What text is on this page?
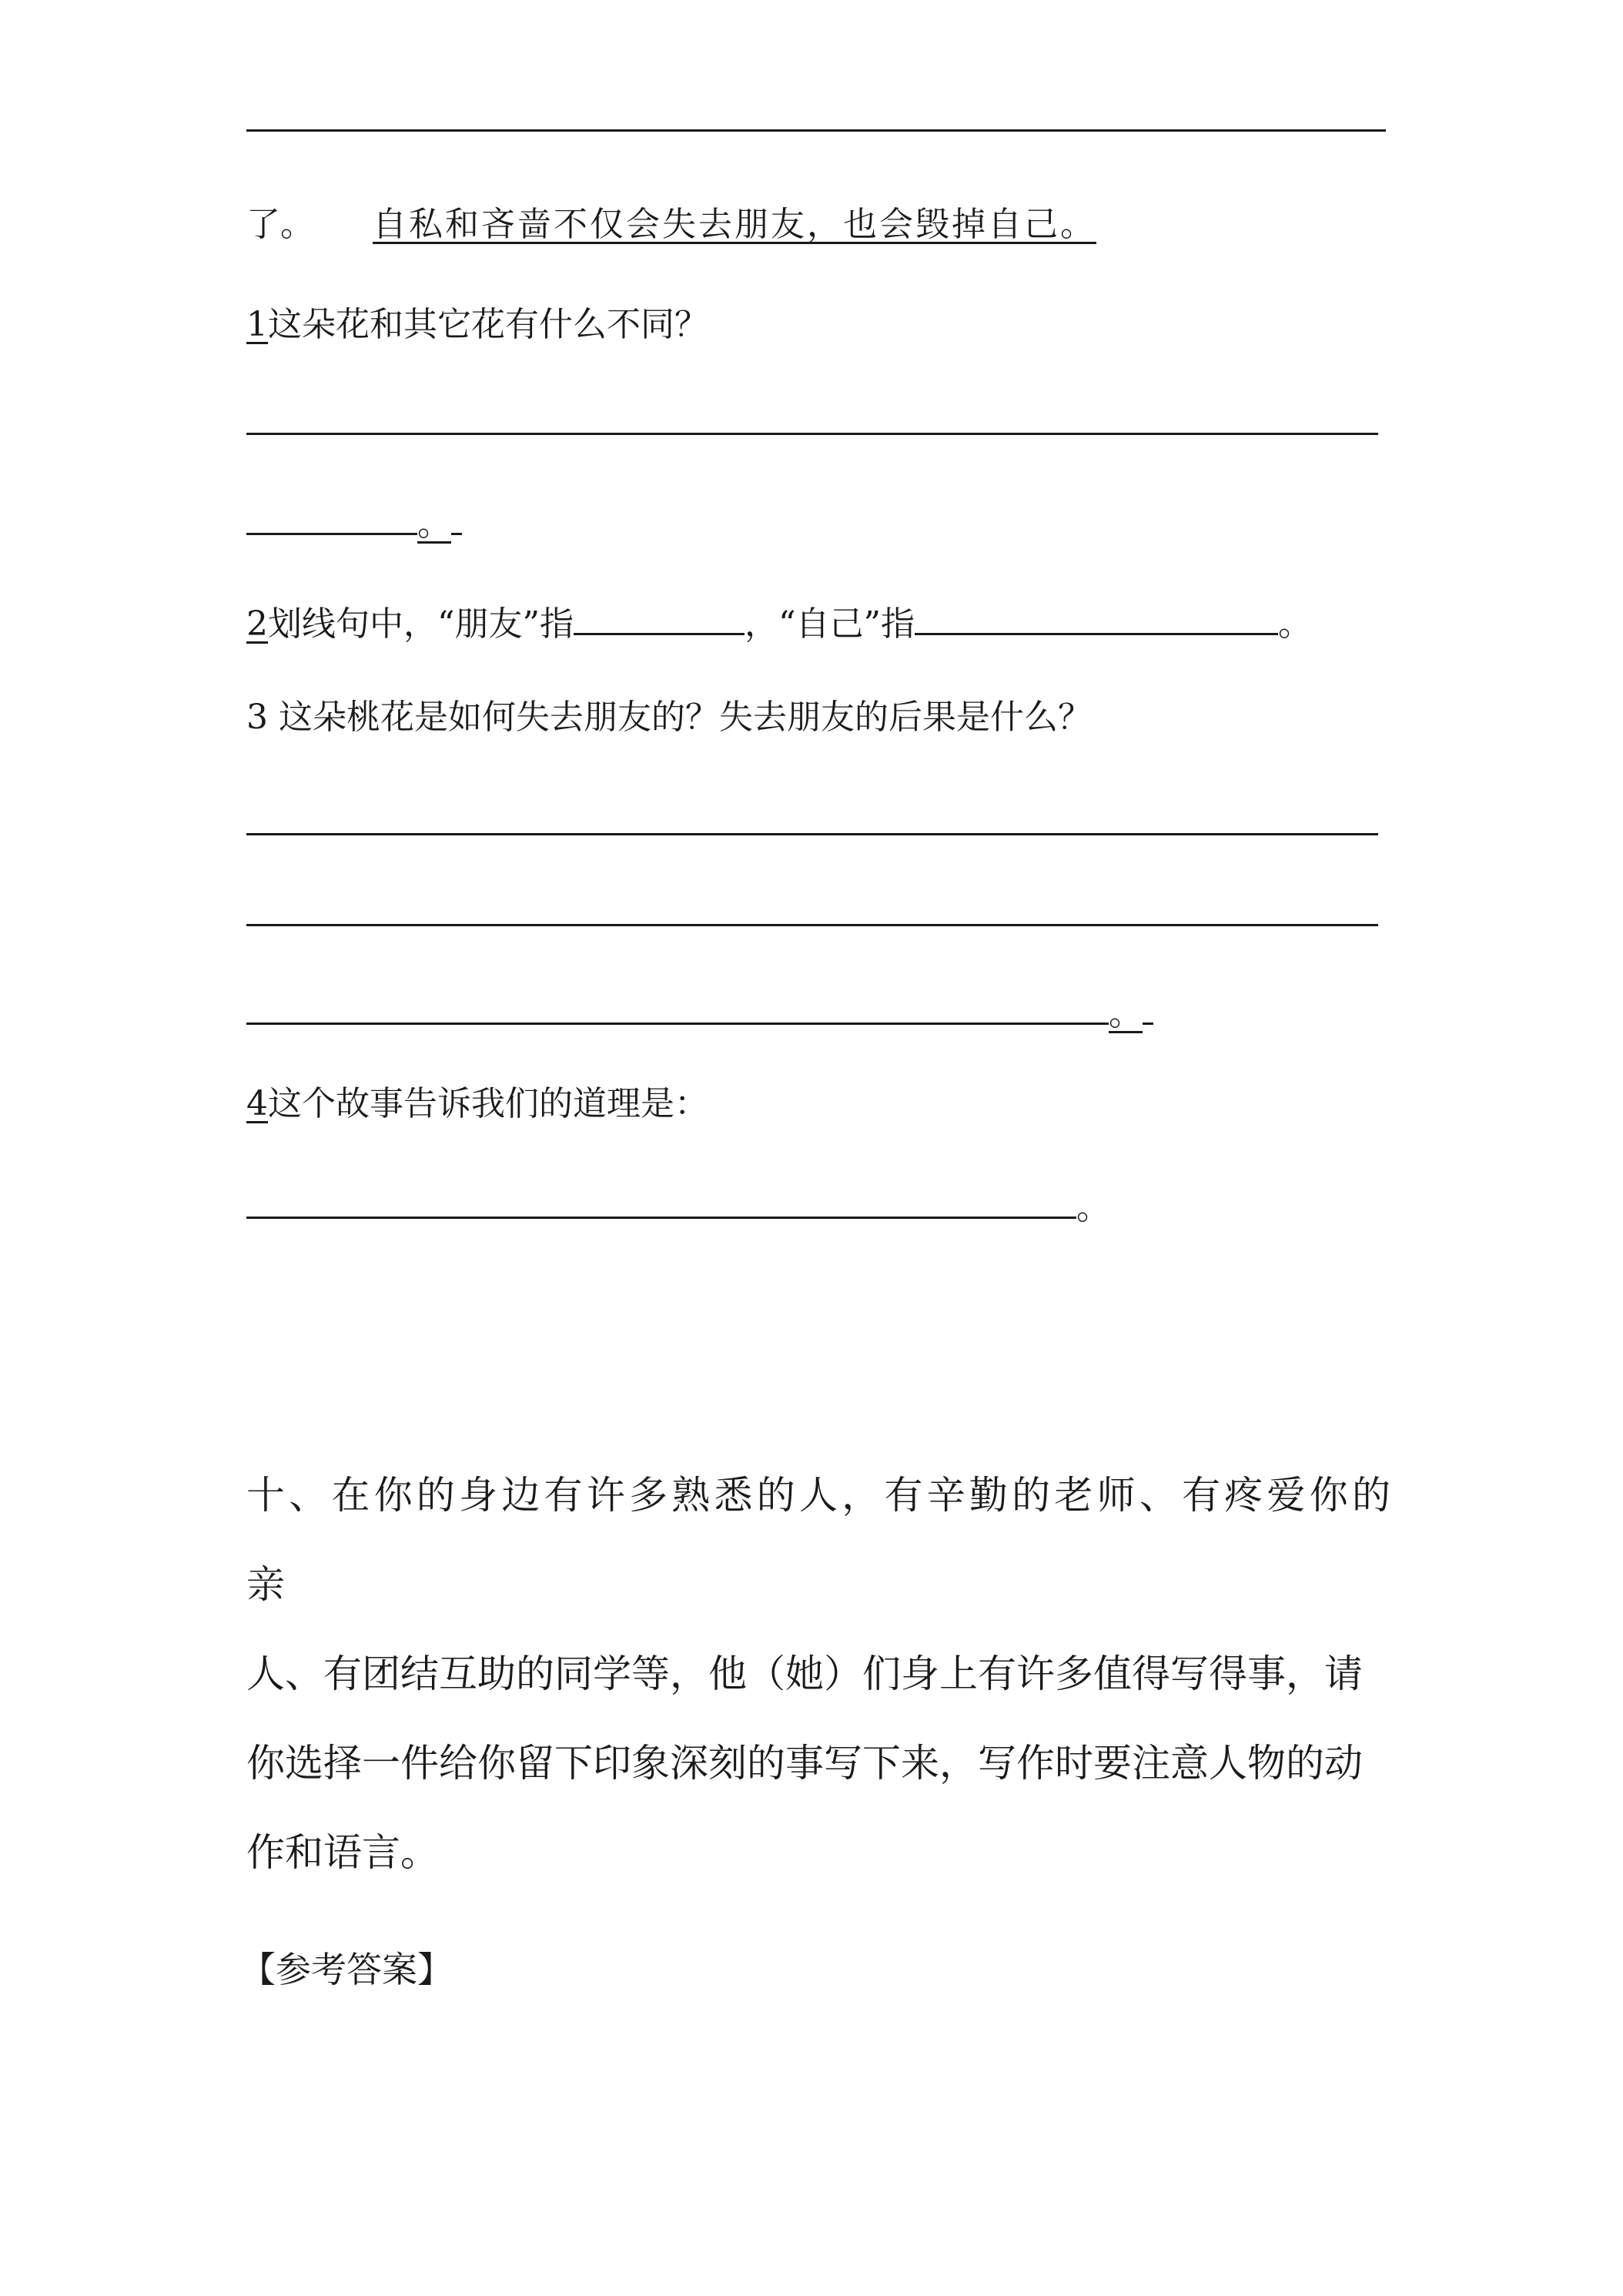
了。 自私和吝啬不仅会失去朋友，也会毁掉自己。
1这朵花和其它花有什么不同？
。
2划线句中，“朋友”指	，“自己”指	。
3 这朵桃花是如何失去朋友的？失去朋友的后果是什么？
。
4这个故事告诉我们的道理是：
。
十、在你的身边有许多熟悉的人，有辛勤的老师、有疼爱你的亲
人、有团结互助的同学等，他（她）们身上有许多值得写得事，请
你选择一件给你留下印象深刻的事写下来，写作时要注意人物的动
作和语言。
【参考答案】
